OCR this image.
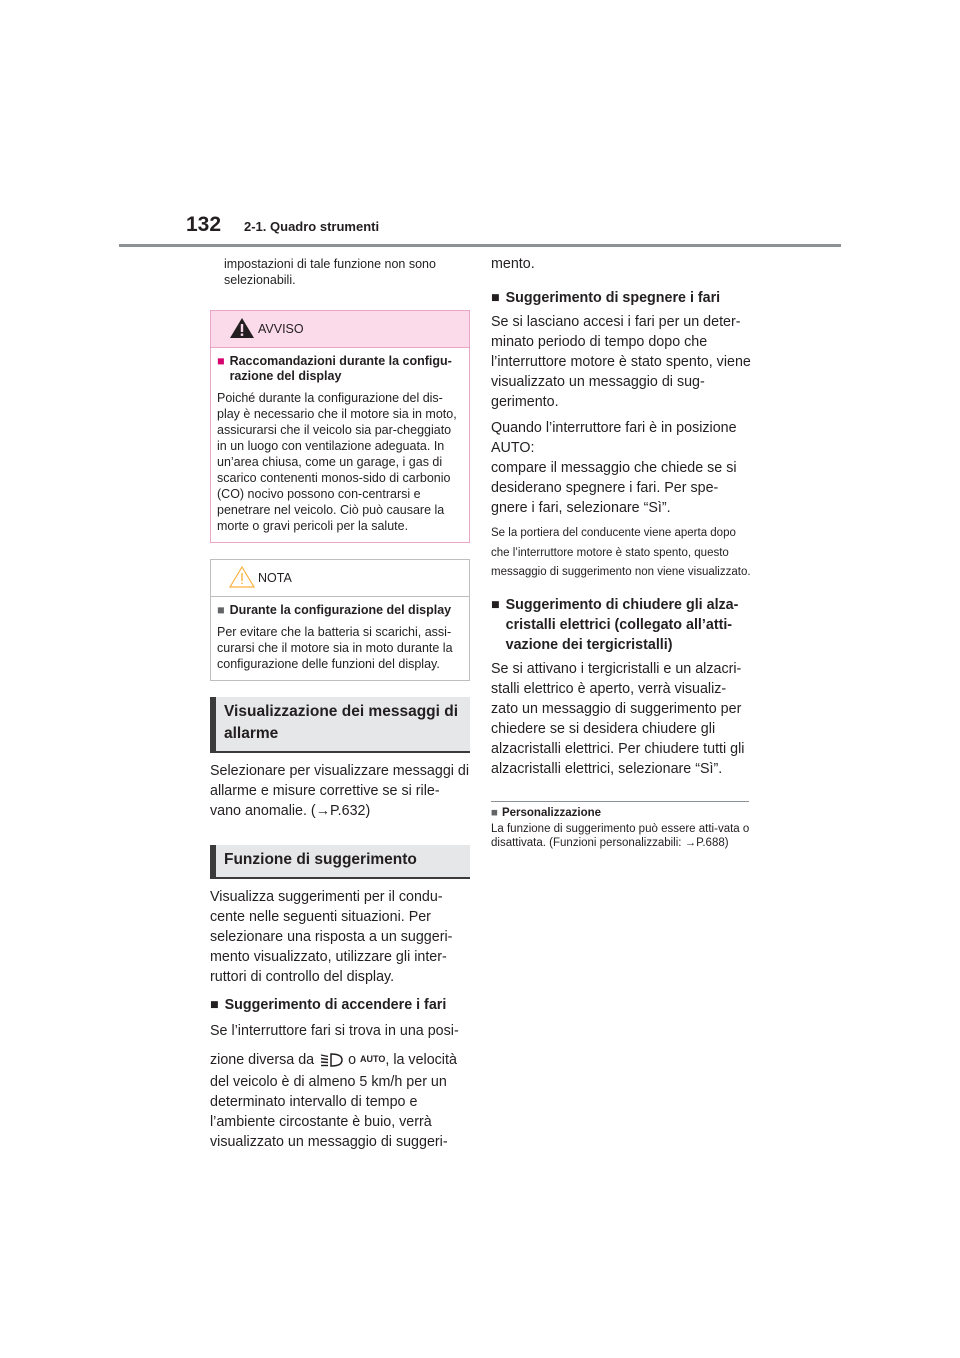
132 2-1. Quadro strumenti

impostazioni di tale funzione non sono selezionabili.

AVVISO

■ Raccomandazioni durante la configu-razione del display

Poiché durante la configurazione del dis-play è necessario che il motore sia in moto, assicurarsi che il veicolo sia par-cheggiato in un luogo con ventilazione adeguata. In un’area chiusa, come un garage, i gas di scarico contenenti monos-sido di carbonio (CO) nocivo possono con-centrarsi e penetrare nel veicolo. Ciò può causare la morte o gravi pericoli per la salute.

NOTA

■ Durante la configurazione del display

Per evitare che la batteria si scarichi, assi-curarsi che il motore sia in moto durante la configurazione delle funzioni del display.

Visualizzazione dei messaggi di allarme

Selezionare per visualizzare messaggi di allarme e misure correttive se si rile-vano anomalie. (→P.632)

Funzione di suggerimento

Visualizza suggerimenti per il condu-cente nelle seguenti situazioni. Per selezionare una risposta a un suggeri-mento visualizzato, utilizzare gli inter-ruttori di controllo del display.

■ Suggerimento di accendere i fari

Se l’interruttore fari si trova in una posi-

zione diversa da o AUTO, la velocità

del veicolo è di almeno 5 km/h per un determinato intervallo di tempo e l’ambiente circostante è buio, verrà visualizzato un messaggio di suggeri-

mento.

■ Suggerimento di spegnere i fari

Se si lasciano accesi i fari per un deter-minato periodo di tempo dopo che l’interruttore motore è stato spento, viene visualizzato un messaggio di sug-gerimento.

Quando l’interruttore fari è in posizione AUTO:

compare il messaggio che chiede se si desiderano spegnere i fari. Per spe-gnere i fari, selezionare “Sì”.

Se la portiera del conducente viene aperta dopo che l’interruttore motore è stato spento, questo messaggio di suggerimento non viene visualizzato.

■ Suggerimento di chiudere gli alza-cristalli elettrici (collegato all’atti-vazione dei tergicristalli)

Se si attivano i tergicristalli e un alzacri-stalli elettrico è aperto, verrà visualiz-zato un messaggio di suggerimento per chiedere se si desidera chiudere gli alzacristalli elettrici. Per chiudere tutti gli alzacristalli elettrici, selezionare “Sì”.

■ Personalizzazione

La funzione di suggerimento può essere atti-vata o disattivata. (Funzioni personalizzabili: →P.688)
